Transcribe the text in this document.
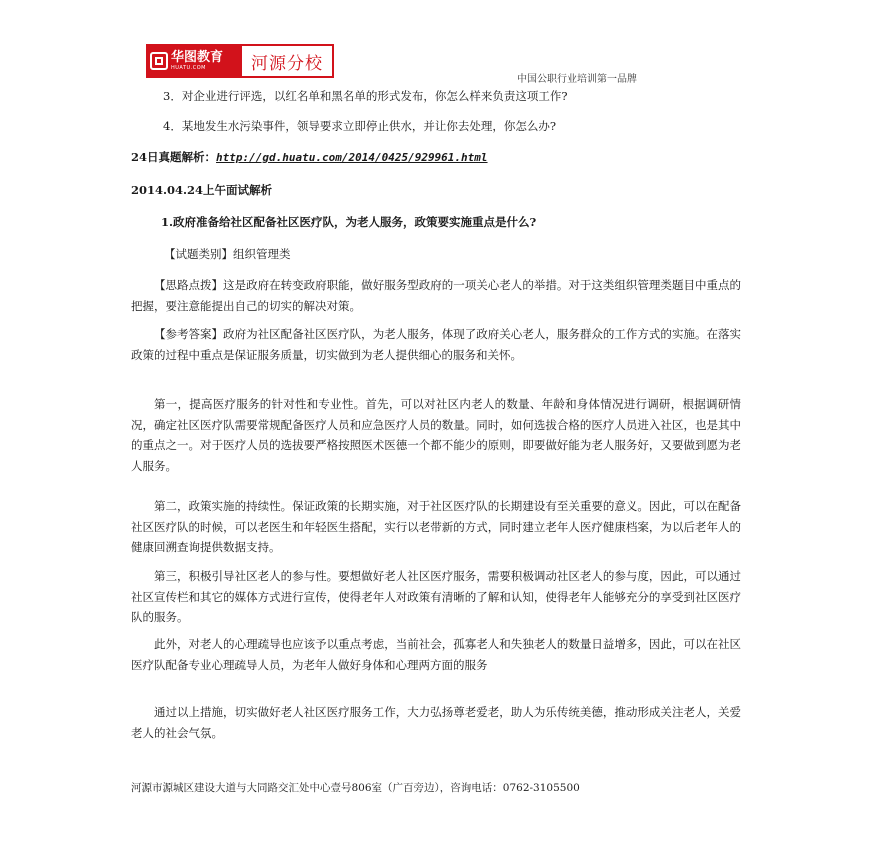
华图教育
HUATU.COM	河源分校
中国公职行业培训第一品牌
3．对企业进行评选，以红名单和黑名单的形式发布，你怎么样来负责这项工作?
4．某地发生水污染事件，领导要求立即停止供水，并让你去处理，你怎么办?
24日真题解析：http://gd.huatu.com/2014/0425/929961.html
2014.04.24上午面试解析
1.政府准备给社区配备社区医疗队，为老人服务，政策要实施重点是什么?
【试题类别】组织管理类
【思路点拨】这是政府在转变政府职能，做好服务型政府的一项关心老人的举措。对于这类组织管理类题目中重点的把握，要注意能提出自己的切实的解决对策。
【参考答案】政府为社区配备社区医疗队，为老人服务，体现了政府关心老人，服务群众的工作方式的实施。在落实政策的过程中重点是保证服务质量，切实做到为老人提供细心的服务和关怀。
第一，提高医疗服务的针对性和专业性。首先，可以对社区内老人的数量、年龄和身体情况进行调研，根据调研情况，确定社区医疗队需要常规配备医疗人员和应急医疗人员的数量。同时，如何选拔合格的医疗人员进入社区，也是其中的重点之一。对于医疗人员的选拔要严格按照医术医德一个都不能少的原则，即要做好能为老人服务好，又要做到愿为老人服务。
第二，政策实施的持续性。保证政策的长期实施，对于社区医疗队的长期建设有至关重要的意义。因此，可以在配备社区医疗队的时候，可以老医生和年轻医生搭配，实行以老带新的方式，同时建立老年人医疗健康档案，为以后老年人的健康回溯查询提供数据支持。
第三，积极引导社区老人的参与性。要想做好老人社区医疗服务，需要积极调动社区老人的参与度，因此，可以通过社区宣传栏和其它的媒体方式进行宣传，使得老年人对政策有清晰的了解和认知，使得老年人能够充分的享受到社区医疗队的服务。
此外，对老人的心理疏导也应该予以重点考虑，当前社会，孤寡老人和失独老人的数量日益增多，因此，可以在社区医疗队配备专业心理疏导人员，为老年人做好身体和心理两方面的服务
通过以上措施，切实做好老人社区医疗服务工作，大力弘扬尊老爱老，助人为乐传统美德，推动形成关注老人，关爱老人的社会气氛。
河源市源城区建设大道与大同路交汇处中心壹号806室（广百旁边），咨询电话：0762-3105500
